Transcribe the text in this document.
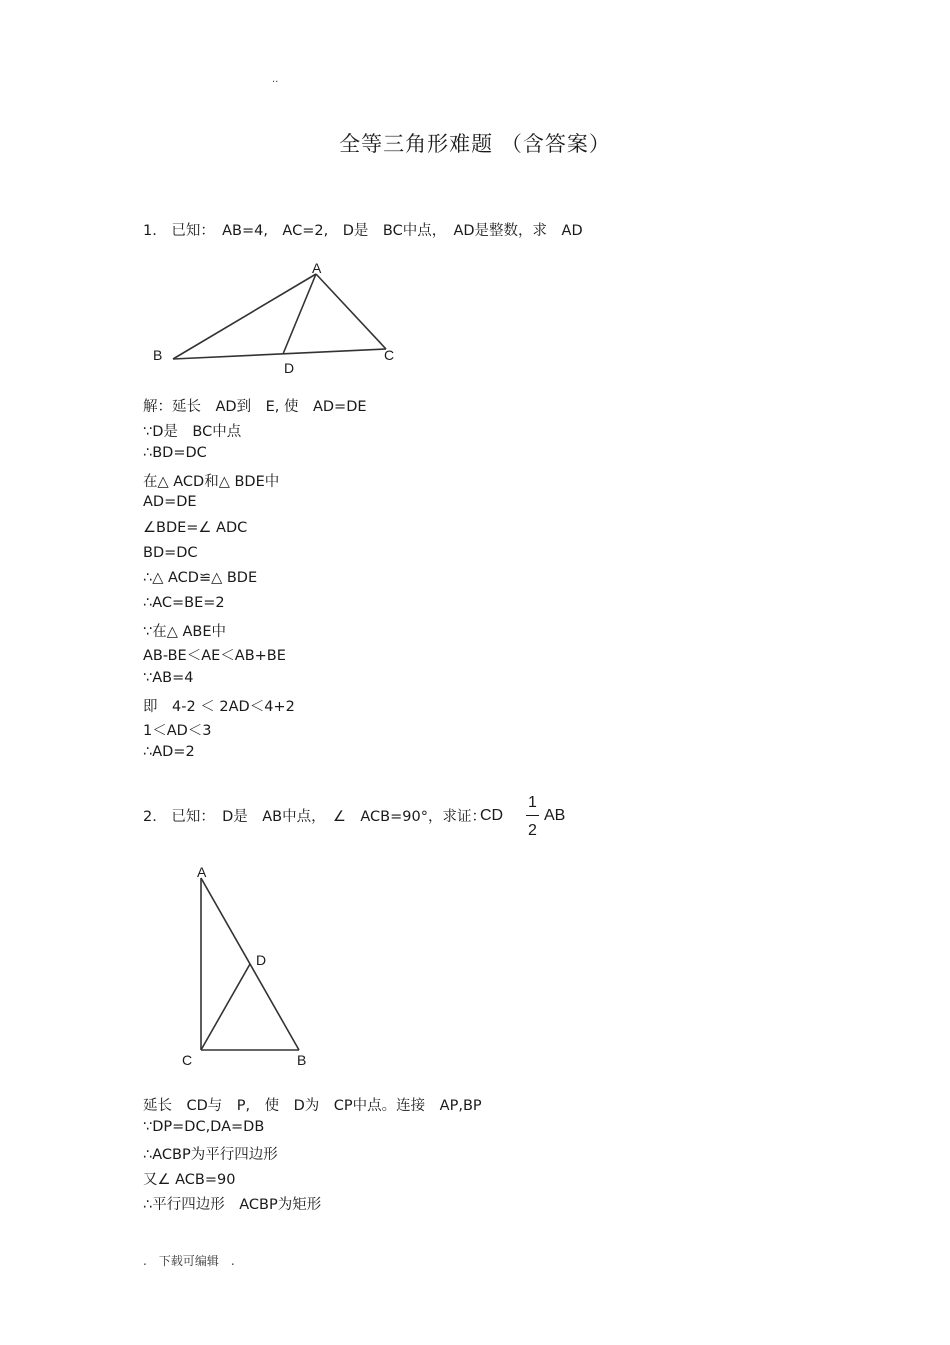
..
全等三角形难题 （含答案）
1.　已知：　AB=4,　AC=2,　D是　BC中点，　AD是整数，求　AD
A
B	C
D
解：延长　AD到　E, 使　AD=DE
∵D是　BC中点
∴BD=DC
在△ ACD和△ BDE中
AD=DE
∠BDE=∠ ADC
BD=DC
∴△ ACD≌△ BDE
∴AC=BE=2
∵在△ ABE中
AB-BE＜AE＜AB+BE
∵AB=4
即　4-2 ＜ 2AD＜4+2
1＜AD＜3
∴AD=2
2.　已知：　D是　AB中点，　∠　ACB=90°，求证：
CD
1
2
AB
A
D
C	B
延长　CD与　P,　使　D为　CP中点。连接　AP,BP
∵DP=DC,DA=DB
∴ACBP为平行四边形
又∠ ACB=90
∴平行四边形　ACBP为矩形
.　下载可编辑　.
